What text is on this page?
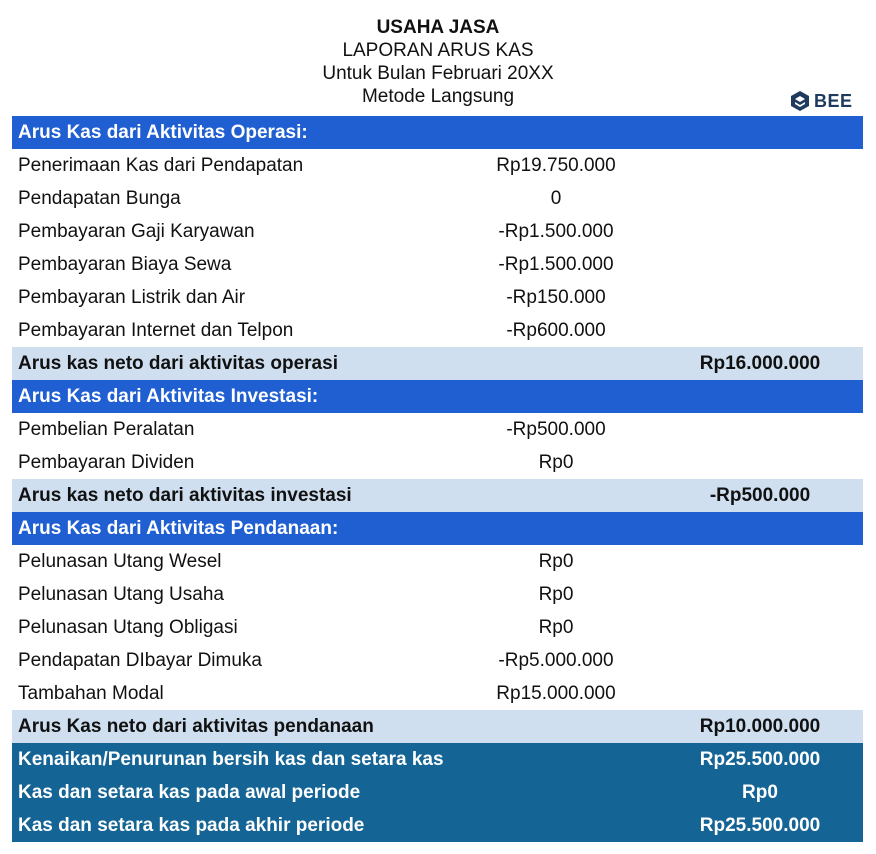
USAHA JASA
LAPORAN ARUS KAS
Untuk Bulan Februari 20XX
Metode Langsung	BEE
Arus Kas dari Aktivitas Operasi:
Penerimaan Kas dari Pendapatan	Rp19.750.000
Pendapatan Bunga	0
Pembayaran Gaji Karyawan	-Rp1.500.000
Pembayaran Biaya Sewa	-Rp1.500.000
Pembayaran Listrik dan Air	-Rp150.000
Pembayaran Internet dan Telpon	-Rp600.000
Arus kas neto dari aktivitas operasi	Rp16.000.000
Arus Kas dari Aktivitas Investasi:
Pembelian Peralatan	-Rp500.000
Pembayaran Dividen	Rp0
Arus kas neto dari aktivitas investasi	-Rp500.000
Arus Kas dari Aktivitas Pendanaan:
Pelunasan Utang Wesel	Rp0
Pelunasan Utang Usaha	Rp0
Pelunasan Utang Obligasi	Rp0
Pendapatan DIbayar Dimuka	-Rp5.000.000
Tambahan Modal	Rp15.000.000
Arus Kas neto dari aktivitas pendanaan	Rp10.000.000
Kenaikan/Penurunan bersih kas dan setara kas	Rp25.500.000
Kas dan setara kas pada awal periode	Rp0
Kas dan setara kas pada akhir periode	Rp25.500.000
